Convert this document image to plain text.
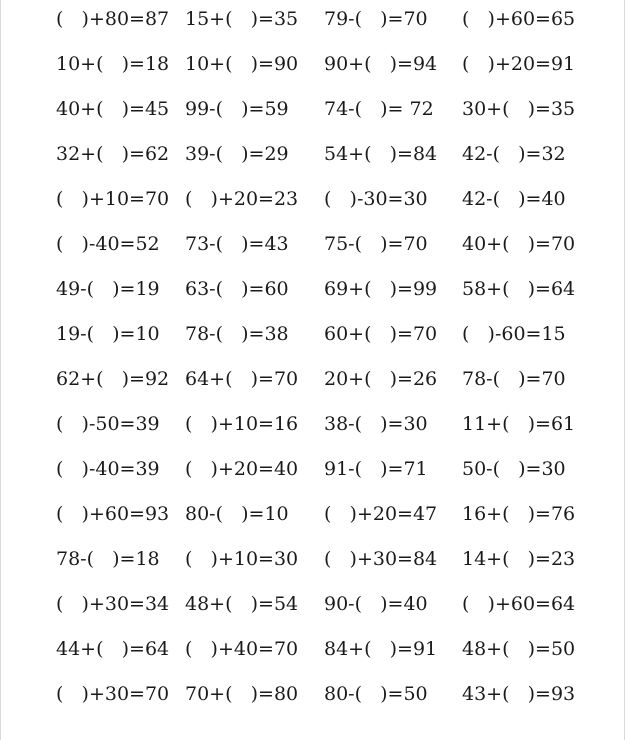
(   )+80=87 15+(   )=35 79-(   )=70 (   )+60=65
10+(   )=18 10+(   )=90 90+(   )=94 (   )+20=91
40+(   )=45 99-(   )=59 74-(   )= 72 30+(   )=35
32+(   )=62 39-(   )=29 54+(   )=84 42-(   )=32
(   )+10=70 (   )+20=23 (   )-30=30 42-(   )=40
(   )-40=52 73-(   )=43 75-(   )=70 40+(   )=70
49-(   )=19 63-(   )=60 69+(   )=99 58+(   )=64
19-(   )=10 78-(   )=38 60+(   )=70 (   )-60=15
62+(   )=92 64+(   )=70 20+(   )=26 78-(   )=70
(   )-50=39 (   )+10=16 38-(   )=30 11+(   )=61
(   )-40=39 (   )+20=40 91-(   )=71 50-(   )=30
(   )+60=93 80-(   )=10 (   )+20=47 16+(   )=76
78-(   )=18 (   )+10=30 (   )+30=84 14+(   )=23
(   )+30=34 48+(   )=54 90-(   )=40 (   )+60=64
44+(   )=64 (   )+40=70 84+(   )=91 48+(   )=50
(   )+30=70 70+(   )=80 80-(   )=50 43+(   )=93
